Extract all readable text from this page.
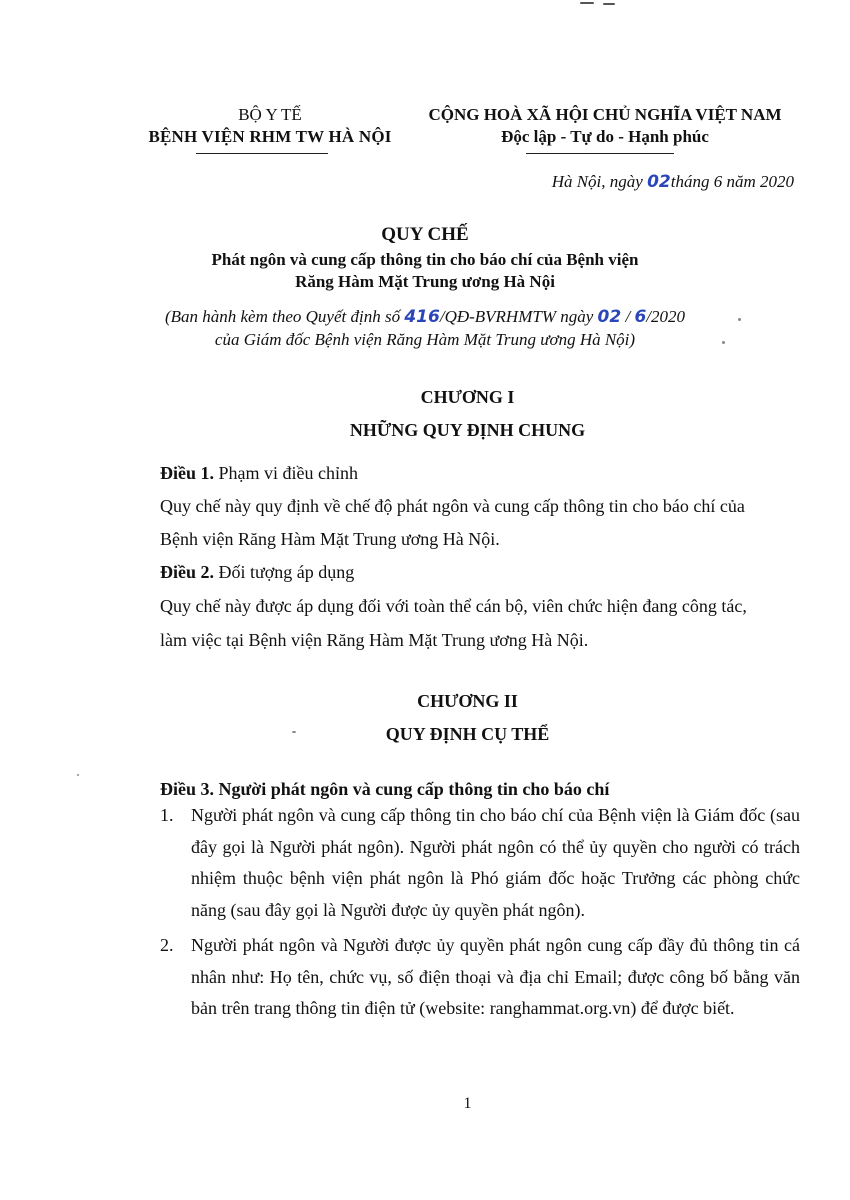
BỘ Y TẾ
BỆNH VIỆN RHM TW HÀ NỘI
CỘNG HOÀ XÃ HỘI CHỦ NGHĨA VIỆT NAM
Độc lập - Tự do - Hạnh phúc
Hà Nội, ngày 02tháng 6 năm 2020
QUY CHẾ
Phát ngôn và cung cấp thông tin cho báo chí của Bệnh viện
Răng Hàm Mặt Trung ương Hà Nội
(Ban hành kèm theo Quyết định số 416/QĐ-BVRHMTW ngày 02 / 6/2020
của Giám đốc Bệnh viện Răng Hàm Mặt Trung ương Hà Nội)
CHƯƠNG I
NHỮNG QUY ĐỊNH CHUNG
Điều 1. Phạm vi điều chỉnh
Quy chế này quy định về chế độ phát ngôn và cung cấp thông tin cho báo chí của
Bệnh viện Răng Hàm Mặt Trung ương Hà Nội.
Điều 2. Đối tượng áp dụng
Quy chế này được áp dụng đối với toàn thể cán bộ, viên chức hiện đang công tác,
làm việc tại Bệnh viện Răng Hàm Mặt Trung ương Hà Nội.
CHƯƠNG II
QUY ĐỊNH CỤ THỂ
Điều 3. Người phát ngôn và cung cấp thông tin cho báo chí
1. Người phát ngôn và cung cấp thông tin cho báo chí của Bệnh viện là Giám đốc (sau đây gọi là Người phát ngôn). Người phát ngôn có thể ủy quyền cho người có trách nhiệm thuộc bệnh viện phát ngôn là Phó giám đốc hoặc Trưởng các phòng chức năng (sau đây gọi là Người được ủy quyền phát ngôn).
2. Người phát ngôn và Người được ủy quyền phát ngôn cung cấp đầy đủ thông tin cá nhân như: Họ tên, chức vụ, số điện thoại và địa chỉ Email; được công bố bằng văn bản trên trang thông tin điện tử (website: ranghammat.org.vn) để được biết.
1
